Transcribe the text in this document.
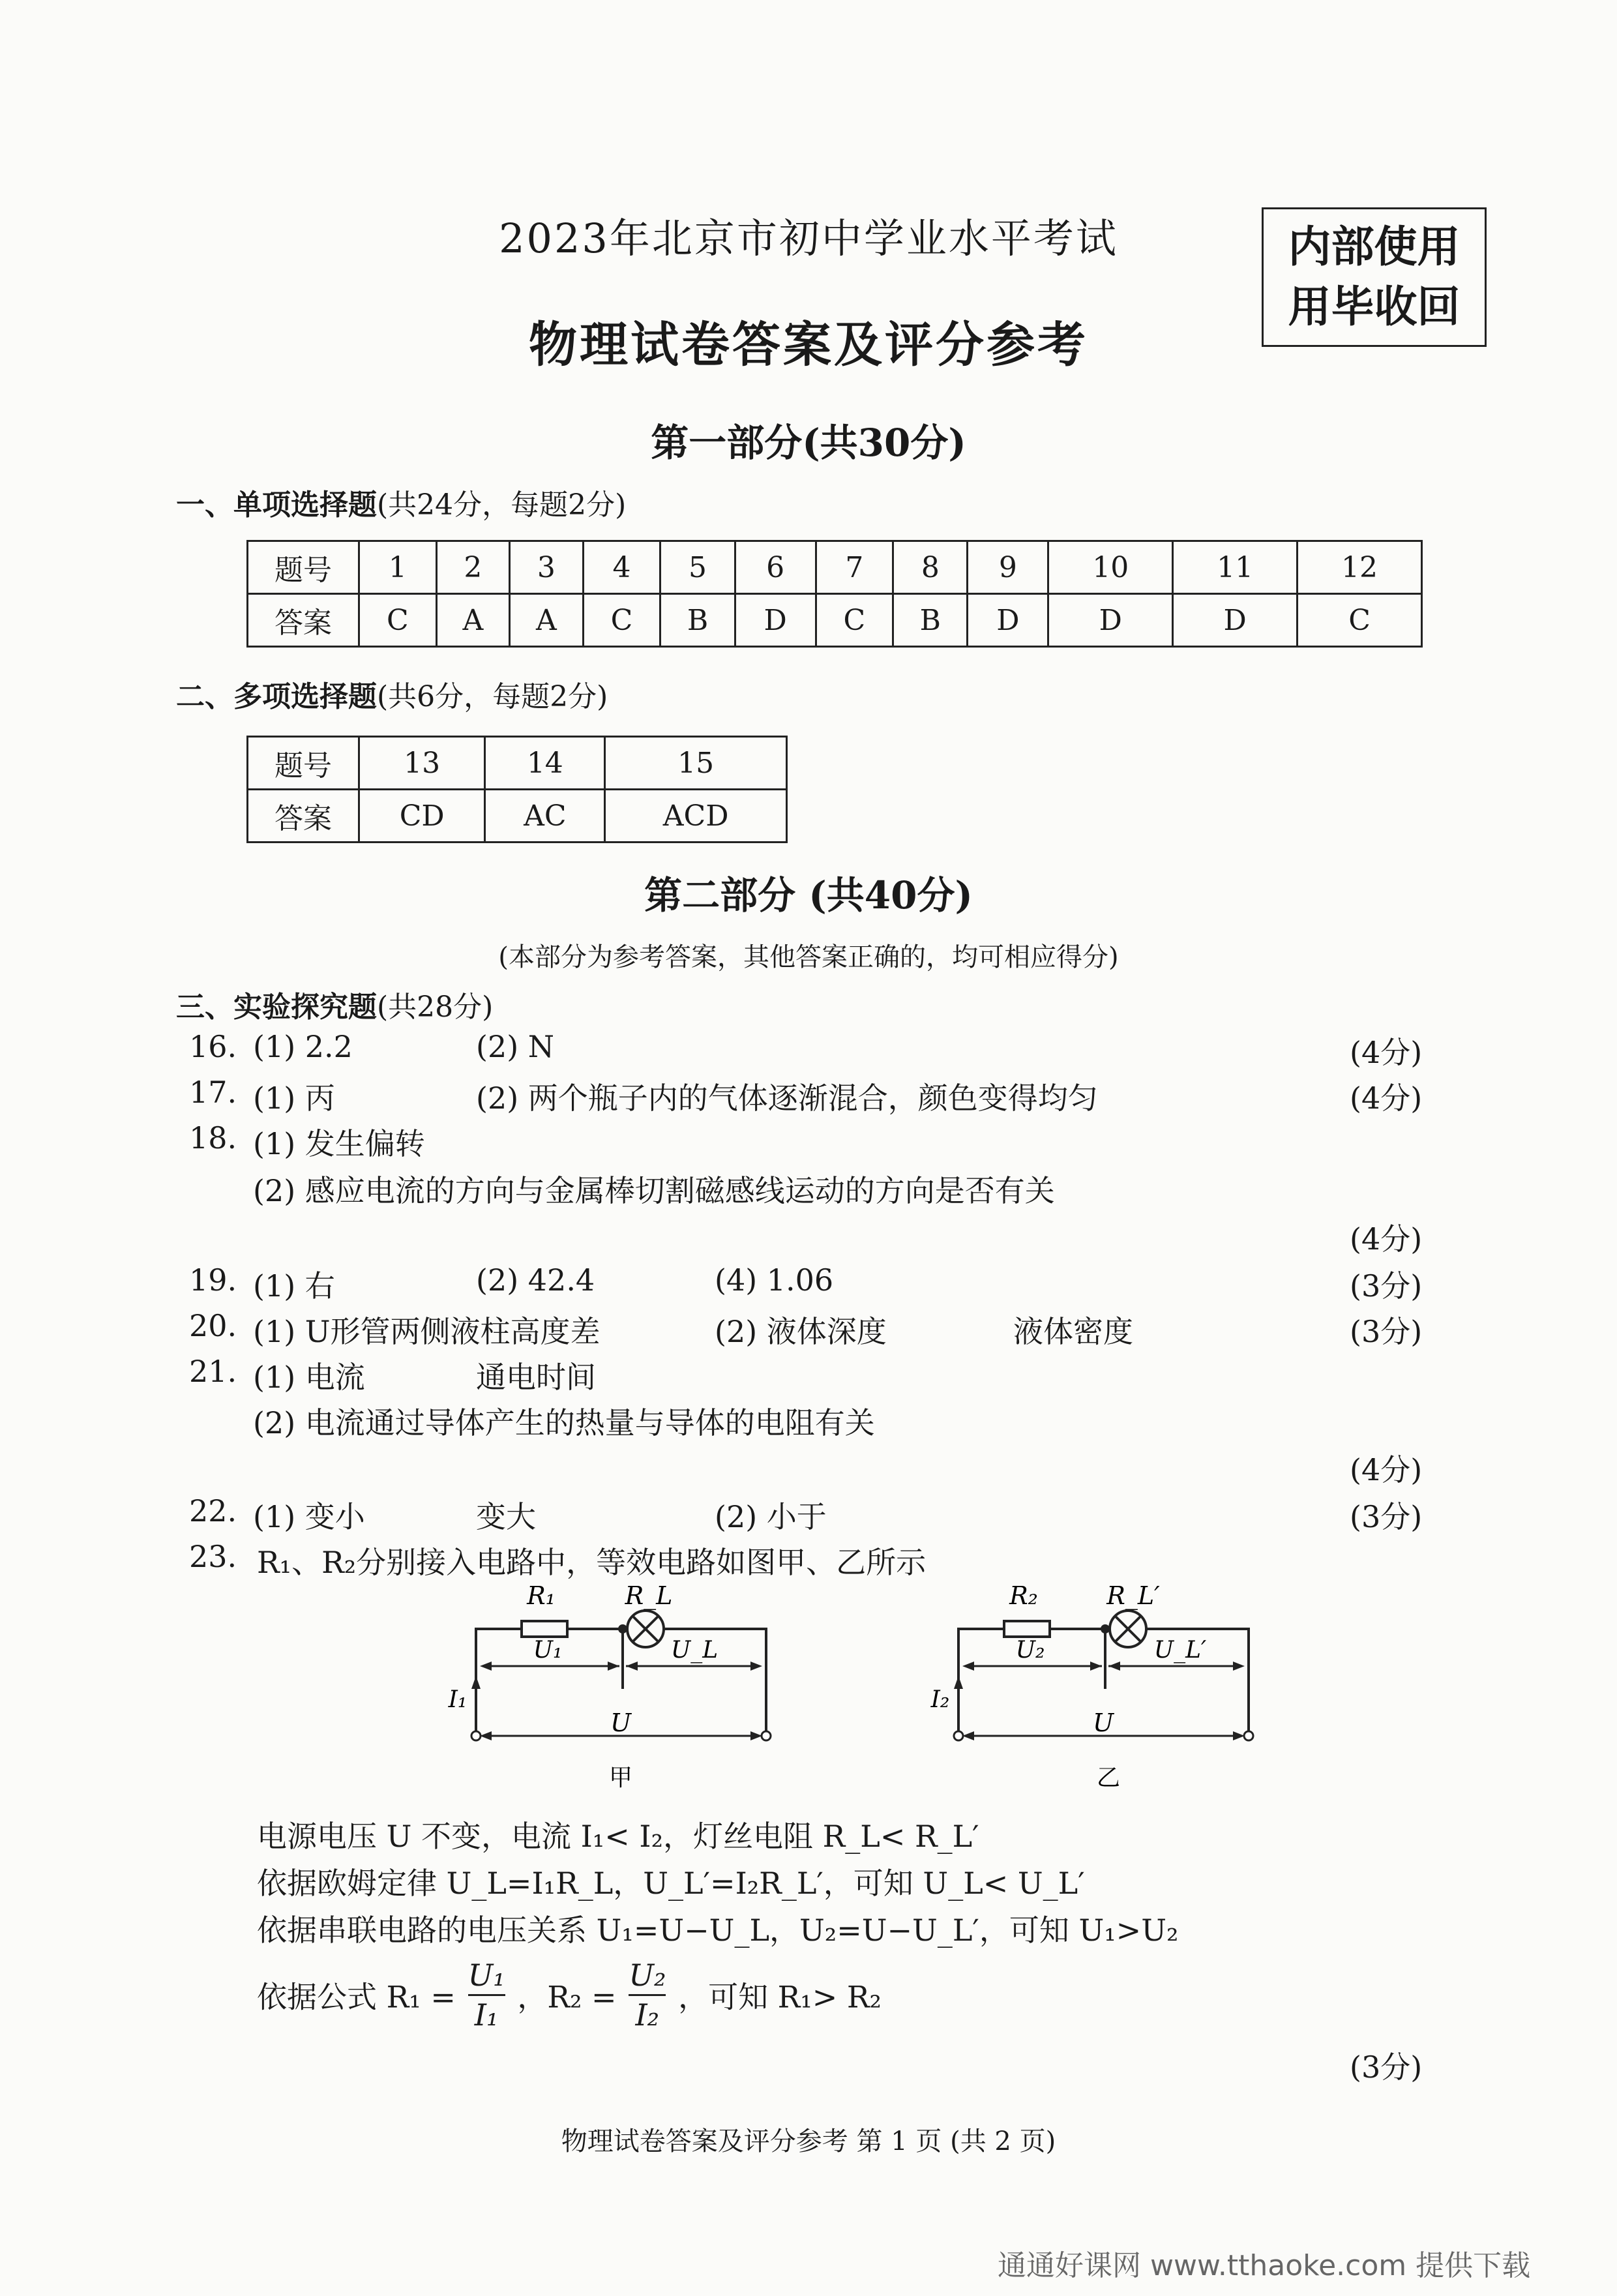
2023年北京市初中学业水平考试
物理试卷答案及评分参考
内部使用
用毕收回
第一部分(共30分)
一、单项选择题(共24分，每题2分)
题号	1	2	3	4	5	6	7	8	9	10	11	12
答案	C	A	A	C	B	D	C	B	D	D	D	C
二、多项选择题(共6分，每题2分)
题号	13	14	15
答案	CD	AC	ACD
第二部分 (共40分)
(本部分为参考答案，其他答案正确的，均可相应得分)
三、实验探究题(共28分)
16. (1) 2.2	(2) N	(4分)
17. (1) 丙	(2) 两个瓶子内的气体逐渐混合，颜色变得均匀	(4分)
18. (1) 发生偏转
(2) 感应电流的方向与金属棒切割磁感线运动的方向是否有关
(4分)
19. (1) 右	(2) 42.4	(4) 1.06	(3分)
20. (1) U形管两侧液柱高度差	(2) 液体深度	液体密度	(3分)
21. (1) 电流	通电时间
(2) 电流通过导体产生的热量与导体的电阻有关
(4分)
22. (1) 变小	变大	(2) 小于	(3分)
23. R₁、R₂分别接入电路中，等效电路如图甲、乙所示
R₁	R_L
U₁	U_L
I₁
U
甲
R₂	R_L′
U₂	U_L′
I₂
U
乙
电源电压 U 不变，电流 I₁< I₂，灯丝电阻 R_L< R_L′
依据欧姆定律 U_L=I₁R_L，U_L′=I₂R_L′，可知 U_L< U_L′
依据串联电路的电压关系 U₁=U−U_L，U₂=U−U_L′，可知 U₁>U₂
依据公式 $R_1 = \frac{\text{U₁}}{\text{I₁}}$ ，$R_2 = \frac{\text{U₂}}{\text{I₂}}$ ，可知 R₁> R₂
(3分)
物理试卷答案及评分参考 第 1 页 (共 2 页)
通通好课网 www.tthaoke.com 提供下载
